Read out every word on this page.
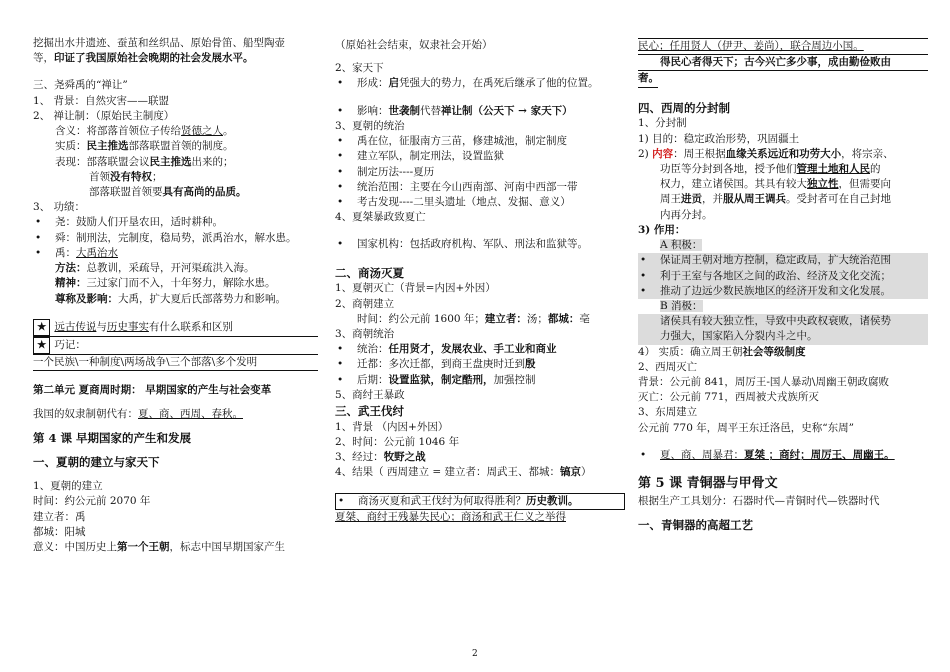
挖掘出水井遗迹、蚕茧和丝织品、原始骨笛、船型陶壶

等，印证了我国原始社会晚期的社会发展水平。

三、尧舜禹的“禅让”

1、 背景：自然灾害——联盟

2、 禅让制：（原始民主制度）

含义：将部落首领位子传给贤德之人。

实质：民主推选部落联盟首领的制度。

表现：部落联盟会议民主推选出来的；

首领没有特权；

部落联盟首领要具有高尚的品质。

3、 功绩：

• 尧：鼓励人们开垦农田，适时耕种。

• 舜：制刑法，完制度，稳局势，派禹治水，解水患。

• 禹：大禹治水

方法：总教训，采疏导，开河渠疏洪入海。

精神：三过家门而不入，十年努力，解除水患。

尊称及影响：大禹，扩大夏后氏部落势力和影响。

★ 远古传说 与 历史事实 有什么联系和区别
★ 巧记：

一个民族\一种制度\两场战争\三个部落\多个发明

第二单元 夏商周时期： 早期国家的产生与社会变革

我国的奴隶制朝代有：夏、商、西周、春秋。

第 4 课 早期国家的产生和发展

一、夏朝的建立与家天下

1、夏朝的建立

时间：约公元前 2070 年

建立者：禹

都城：阳城

意义：中国历史上第一个王朝，标志中国早期国家产生

（原始社会结束，奴隶社会开始）

2、家天下

• 形成：启凭强大的势力，在禹死后继承了他的位置。

• 影响：世袭制代替禅让制（公天下 → 家天下）

3、夏朝的统治

• 禹在位，征服南方三苗，修建城池，制定制度

• 建立军队，制定刑法，设置监狱

• 制定历法----夏历

• 统治范围：主要在今山西南部、河南中西部一带

• 考古发现----二里头遗址（地点、发掘、意义）

4、夏桀暴政致夏亡

• 国家机构：包括政府机构、军队、刑法和监狱等。

二、商汤灭夏

1、夏朝灭亡（背景=内因+外因）

2、商朝建立

时间：约公元前 1600 年；建立者：汤；都城：亳

3、商朝统治

• 统治：任用贤才，发展农业、手工业和商业

• 迁都：多次迁都，到商王盘庚时迁到殷

• 后期：设置监狱，制定酷刑，加强控制

5、商纣王暴政

三、武王伐纣

1、背景 （内因+外因）

2、时间：公元前 1046 年

3、经过：牧野之战

4、结果（ 西周建立 = 建立者：周武王、都城：镐京）

• 商汤灭夏和武王伐纣为何取得胜利？历史教训。

夏桀、商纣王残暴失民心；商汤和武王仁义之举得

民心；任用贤人（伊尹、姜尚），联合周边小国。

得民心者得天下；古今兴亡多少事，成由勤俭败由

奢。

四、西周的分封制

1、分封制

1) 目的：稳定政治形势，巩固疆土

2) 内容：周王根据血缘关系远近和功劳大小，将宗亲、

功臣等分封到各地，授予他们管理土地和人民的

权力，建立诸侯国。其具有较大独立性，但需要向

周王进贡，并服从周王调兵。受封者可在自己封地

内再分封。

3) 作用：

A 积极：

• 保证周王朝对地方控制，稳定政局，扩大统治范围

• 利于王室与各地区之间的政治、经济及文化交流；

• 推动了边远少数民族地区的经济开发和文化发展。

B 消极：

诸侯具有较大独立性，导致中央政权衰败，诸侯势

力强大，国家陷入分裂内斗之中。

4） 实质：确立周王朝社会等级制度

2、西周灭亡

背景：公元前 841，周厉王-国人暴动\周幽王朝政腐败

灭亡：公元前 771，西周被犬戎族所灭

3、东周建立

公元前 770 年，周平王东迁洛邑，史称“东周”

• 夏、商、周暴君：夏桀 ；商纣；周厉王、周幽王。

第 5 课 青铜器与甲骨文

根据生产工具划分：石器时代—青铜时代—铁器时代

一、青铜器的高超工艺

2
